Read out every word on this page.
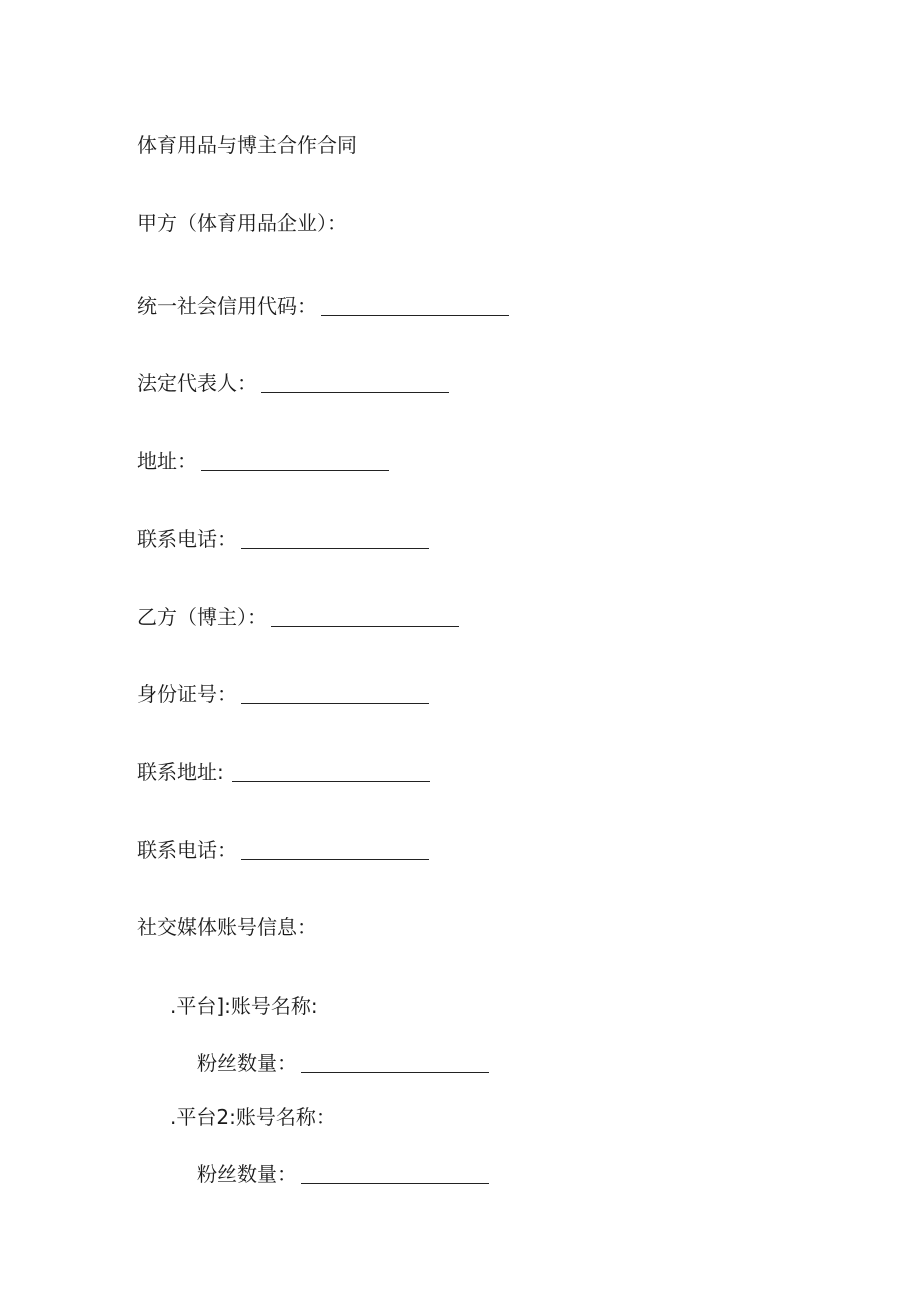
体育用品与博主合作合同
甲方（体育用品企业）：
统一社会信用代码：
法定代表人：
地址：
联系电话：
乙方（博主）：
身份证号：
联系地址:
联系电话：
社交媒体账号信息：
.平台]:账号名称:
粉丝数量：
.平台2:账号名称：
粉丝数量：
